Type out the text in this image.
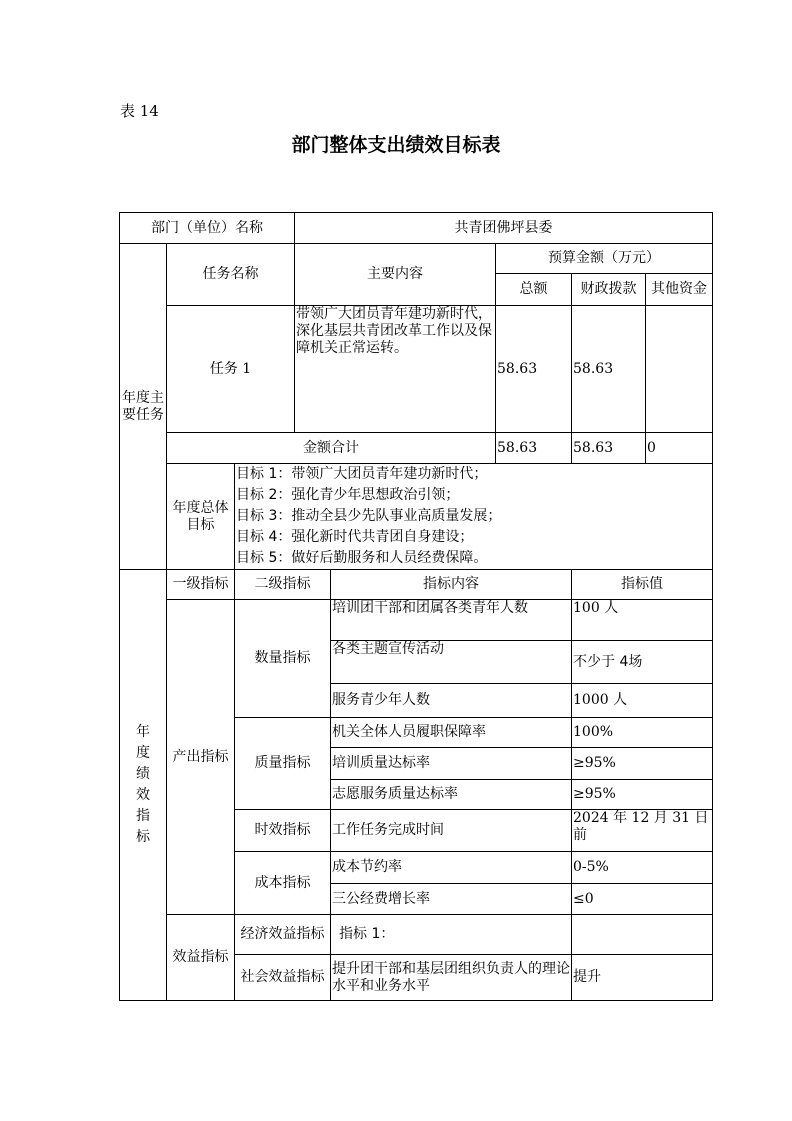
表 14
部门整体支出绩效目标表
部门（单位）名称			共青团佛坪县委				
年度主要任务	任务名称		主要内容		预算金额（万元）		
					总额	财政拨款	其他资金
	任务 1		带领广大团员青年建功新时代，深化基层共青团改革工作以及保障机关正常运转。		58.63	58.63	
	金额合计				58.63	58.63	0
	年度总体目标	目标 1：带领广大团员青年建功新时代；
目标 2：强化青少年思想政治引领；
目标 3：推动全县少先队事业高质量发展；
目标 4：强化新时代共青团自身建设；
目标 5：做好后勤服务和人员经费保障。					

年度绩效指标	一级指标	二级指标		指标内容		指标值	
	产出指标	数量指标		培训团干部和团属各类青年人数		100 人	
				各类主题宣传活动		不少于 4场	
				服务青少年人数		1000 人	
		质量指标		机关全体人员履职保障率		100%	
				培训质量达标率		≥95%	
				志愿服务质量达标率		≥95%	
		时效指标		工作任务完成时间		2024 年 12 月 31 日前	
		成本指标		成本节约率		0-5%	
				三公经费增长率		≤0	
	效益指标	经济效益指标		指标 1：			
		社会效益指标		提升团干部和基层团组织负责人的理论水平和业务水平		提升	
